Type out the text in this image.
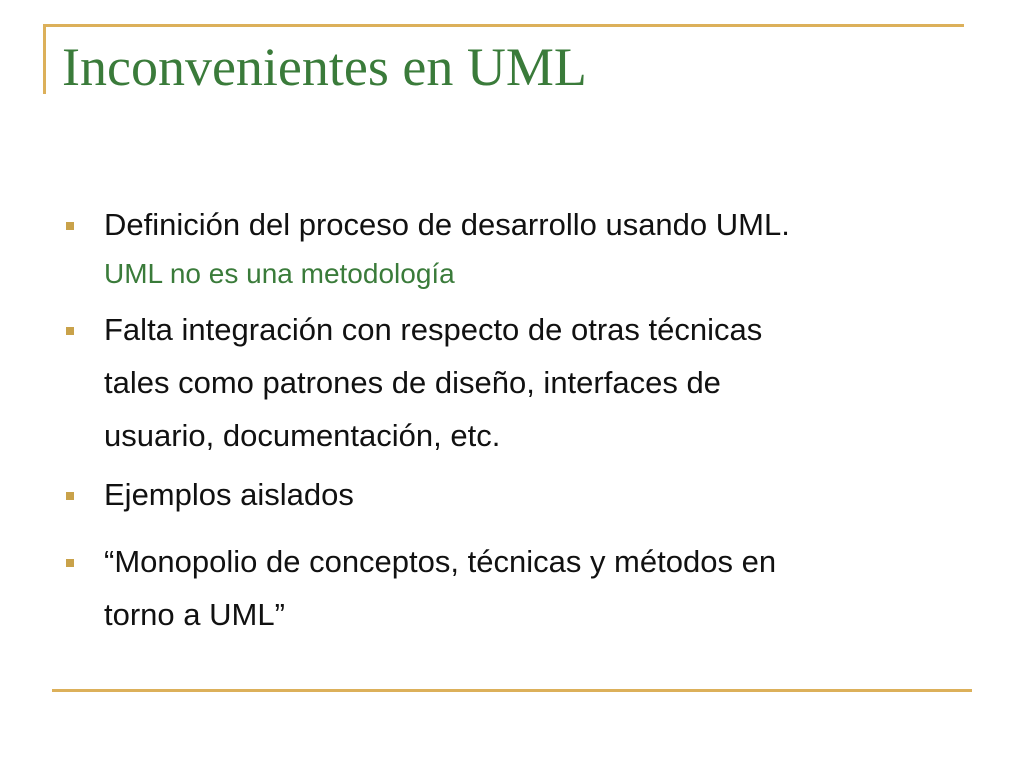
Inconvenientes en UML
Definición del proceso de desarrollo usando UML.
UML no es una metodología
Falta integración con respecto de otras técnicas
tales como patrones de diseño, interfaces de
usuario, documentación, etc.
Ejemplos aislados
“Monopolio de conceptos, técnicas y métodos en
torno a UML”
